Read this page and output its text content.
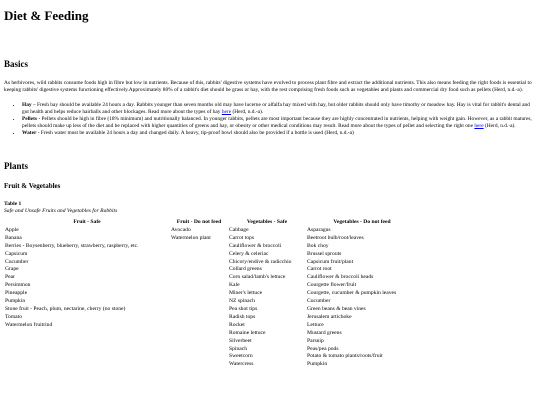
Diet & Feeding
Basics

As herbivores, wild rabbits consume foods high in fibre but low in nutrients. Because of this, rabbits' digestive systems have evolved to process plant fibre and extract the additional nutrients. This also means feeding the right foods is essential to keeping rabbits' digestive systems functioning effectively.Approximately 80% of a rabbit's diet should be grass or hay, with the rest comprising fresh foods such as vegetables and plants and commercial dry food such as pellets (Herd, n.d.-a).

• Hay – Fresh hay should be available 24 hours a day. Rabbits younger than seven months old may have lucerne or alfalfa hay mixed with hay, but older rabbits should only have timothy or meadow hay. Hay is vital for rabbit's dental and gut health and helps reduce hairballs and other blockages. Read more about the types of hay here (Herd, n.d.-a).
• Pellets - Pellets should be high in fibre (18% minimum) and nutritionally balanced. In younger rabbits, pellets are most important because they are highly concentrated in nutrients, helping with weight gain. However, as a rabbit matures, pellets should make up less of the diet and be replaced with higher quantities of greens and hay, or obesity or other medical conditions may result. Read more about the types of pellet and selecting the right one here (Herd, n.d.-a).
• Water - Fresh water must be available 24 hours a day and changed daily. A heavy, tip-proof bowl should also be provided if a bottle is used (Herd, n.d.-a)
Plants
Fruit & Vegetables
Table 1
Safe and Unsafe Fruits and Vegetables for Rabbits
Fruit - Safe	Fruit - Do not feed	Vegetables - Safe	Vegetables - Do not feed
Apple	Avocado	Cabbage	Asparagus
Banana	Watermelon plant	Carrot tops	Beetroot bulb/root/leaves
Berries - Boysenberry, blueberry, strawberry, raspberry, etc.		Cauliflower & broccoli	Bok choy
Capsicum		Celery & celeriac	Brussel sprouts
Cucumber		Chicory/endive & radicchio	Capsicum fruit/plant
Grape		Collard greens	Carrot root
Pear		Corn salad/lamb's lettuce	Cauliflower & broccoli heads
Persimmon		Kale	Courgette flower/fruit
Pineapple		Miner's lettuce	Courgette, cucumber & pumpkin leaves
Pumpkin		NZ spinach	Cucumber
Stone fruit - Peach, plum, nectarine, cherry (no stone)		Pea shot tips	Green beans & bean vines
Tomato		Radish tops	Jerusalem artichoke
Watermelon fruitrind		Rocket	Lettuce
		Romaine lettuce	Mustard greens
		Silverbeet	Parsnip
		Spinach	Peas/pea pods
		Sweetcorn	Potato & tomato plants/roots/fruit
		Watercress	Pumpkin
